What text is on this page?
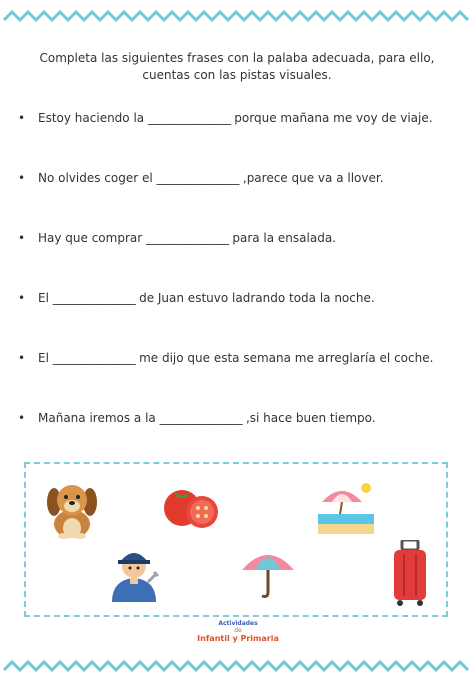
Completa las siguientes frases con la palaba adecuada, para ello, cuentas con las pistas visuales.
• Estoy haciendo la _______________ porque mañana me voy de viaje.
• No olvides coger el _______________ ,parece que va a llover.
• Hay que comprar _______________ para la ensalada.
• El _______________ de Juan estuvo ladrando toda la noche.
• El _______________ me dijo que esta semana me arreglaría el coche.
• Mañana iremos a la _______________ ,si hace buen tiempo.
Actividades
de
Infantil y Primaria
